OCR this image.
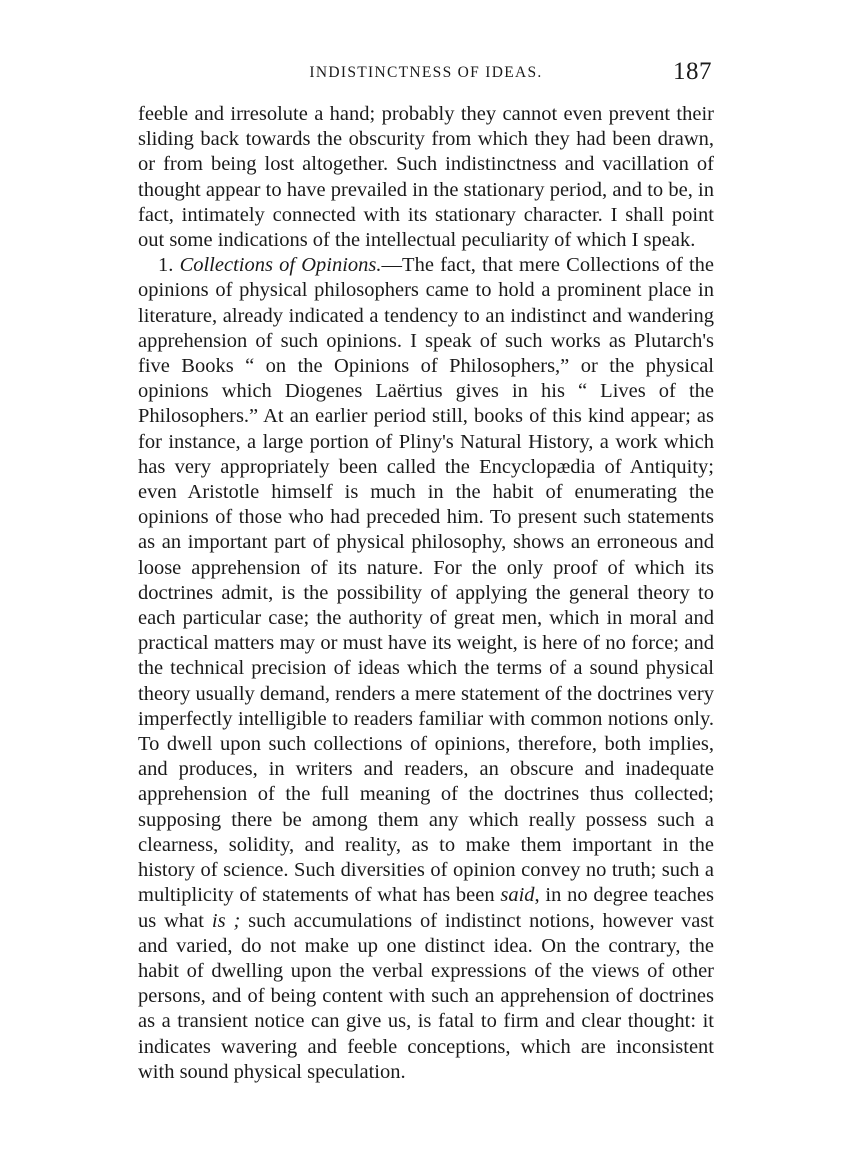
INDISTINCTNESS OF IDEAS.	187

feeble and irresolute a hand; probably they cannot even prevent their sliding back towards the obscurity from which they had been drawn, or from being lost altogether. Such indistinctness and vacillation of thought appear to have prevailed in the stationary period, and to be, in fact, intimately connected with its stationary character. I shall point out some indications of the intellectual peculiarity of which I speak.

1. Collections of Opinions.—The fact, that mere Collections of the opinions of physical philosophers came to hold a prominent place in literature, already indicated a tendency to an indistinct and wandering apprehension of such opinions. I speak of such works as Plutarch's five Books “ on the Opinions of Philosophers,” or the physical opinions which Diogenes Laërtius gives in his “ Lives of the Philosophers.” At an earlier period still, books of this kind appear; as for instance, a large portion of Pliny's Natural History, a work which has very appropriately been called the Encyclopædia of Antiquity; even Aristotle himself is much in the habit of enumerating the opinions of those who had preceded him. To present such statements as an important part of physical philosophy, shows an erroneous and loose apprehension of its nature. For the only proof of which its doctrines admit, is the possibility of applying the general theory to each particular case; the authority of great men, which in moral and practical matters may or must have its weight, is here of no force; and the technical precision of ideas which the terms of a sound physical theory usually demand, renders a mere statement of the doctrines very imperfectly intelligible to readers familiar with common notions only. To dwell upon such collections of opinions, therefore, both implies, and produces, in writers and readers, an obscure and inadequate apprehension of the full meaning of the doctrines thus collected; supposing there be among them any which really possess such a clearness, solidity, and reality, as to make them important in the history of science. Such diversities of opinion convey no truth; such a multiplicity of statements of what has been said, in no degree teaches us what is ; such accumulations of indistinct notions, however vast and varied, do not make up one distinct idea. On the contrary, the habit of dwelling upon the verbal expressions of the views of other persons, and of being content with such an apprehension of doctrines as a transient notice can give us, is fatal to firm and clear thought: it indicates wavering and feeble conceptions, which are inconsistent with sound physical speculation.
